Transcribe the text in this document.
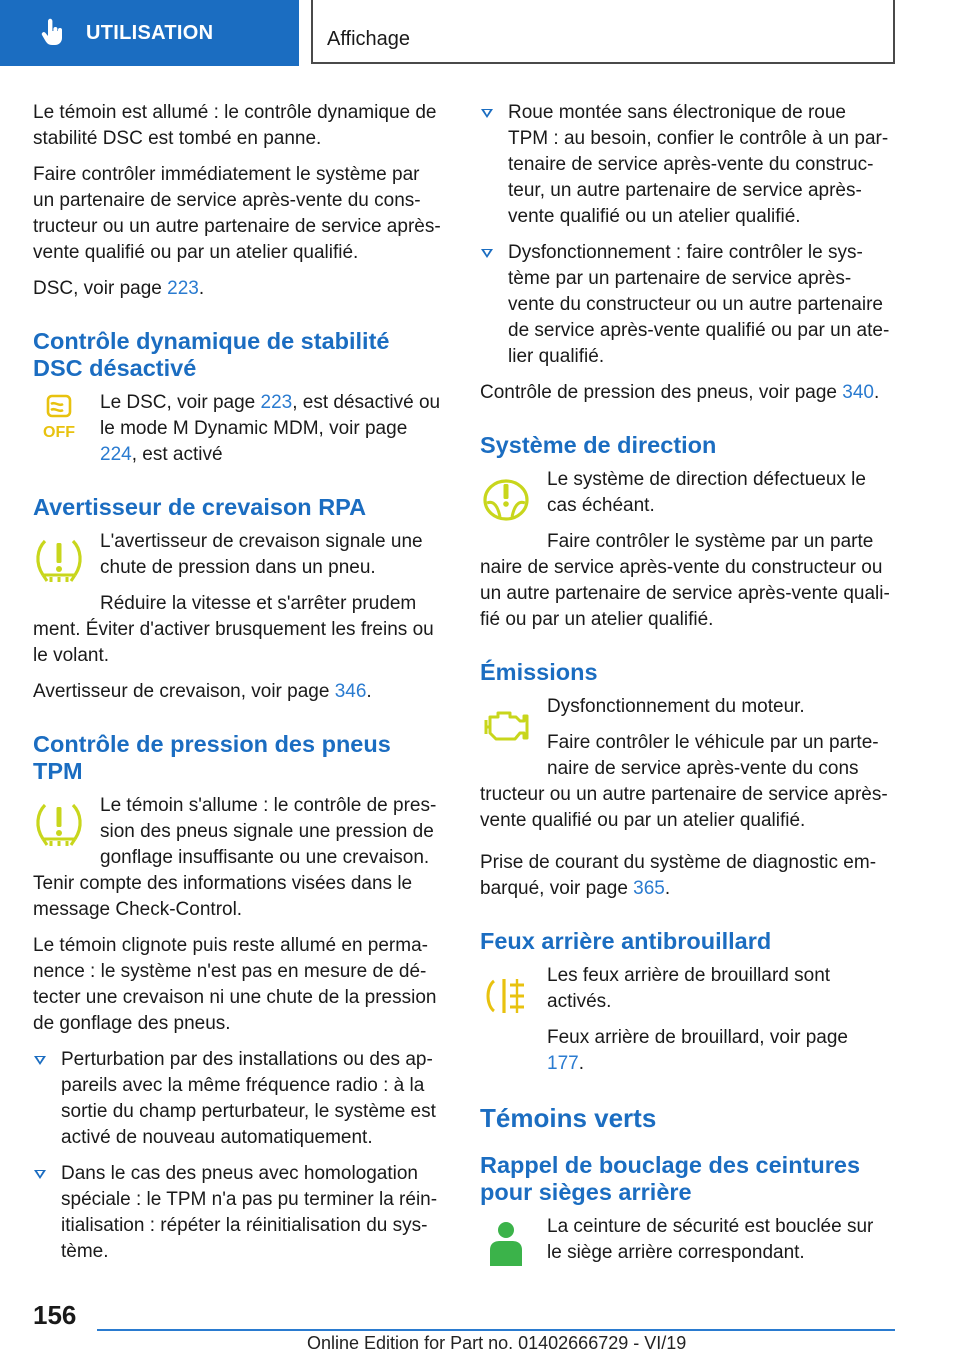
UTILISATION	Affichage

Le témoin est allumé : le contrôle dynamique de stabilité DSC est tombé en panne.

Faire contrôler immédiatement le système par un partenaire de service après-vente du constructeur ou un autre partenaire de service après-vente qualifié ou par un atelier qualifié.

DSC, voir page 223.

Contrôle dynamique de stabilité DSC désactivé

OFF
Le DSC, voir page 223, est désactivé ou le mode M Dynamic MDM, voir page 224, est activé

Avertisseur de crevaison RPA

L'avertisseur de crevaison signale une chute de pression dans un pneu.

Réduire la vitesse et s'arrêter prudem
ment. Éviter d'activer brusquement les freins ou le volant.

Avertisseur de crevaison, voir page 346.

Contrôle de pression des pneus TPM

Le témoin s'allume : le contrôle de pression des pneus signale une pression de gonflage insuffisante ou une crevaison.

Tenir compte des informations visées dans le message Check-Control.

Le témoin clignote puis reste allumé en permanence : le système n'est pas en mesure de détecter une crevaison ni une chute de la pression de gonflage des pneus.

Perturbation par des installations ou des appareils avec la même fréquence radio : à la sortie du champ perturbateur, le système est activé de nouveau automatiquement.
Dans le cas des pneus avec homologation spéciale : le TPM n'a pas pu terminer la réinitialisation : répéter la réinitialisation du système.
Roue montée sans électronique de roue TPM : au besoin, confier le contrôle à un partenaire de service après-vente du constructeur, un autre partenaire de service après-vente qualifié ou un atelier qualifié.
Dysfonctionnement : faire contrôler le système par un partenaire de service après-vente du constructeur ou un autre partenaire de service après-vente qualifié ou par un atelier qualifié.

Contrôle de pression des pneus, voir page 340.

Système de direction

Le système de direction défectueux le cas échéant.

Faire contrôler le système par un parte
naire de service après-vente du constructeur ou un autre partenaire de service après-vente qualifié ou par un atelier qualifié.

Émissions

Dysfonctionnement du moteur.

Faire contrôler le véhicule par un partenaire de service après-vente du cons
tructeur ou un autre partenaire de service après-vente qualifié ou par un atelier qualifié.

Prise de courant du système de diagnostic embarqué, voir page 365.

Feux arrière antibrouillard

Les feux arrière de brouillard sont activés.

Feux arrière de brouillard, voir page 177.

Témoins verts
Rappel de bouclage des ceintures pour sièges arrière

La ceinture de sécurité est bouclée sur le siège arrière correspondant.

156
Online Edition for Part no. 01402666729 - VI/19
